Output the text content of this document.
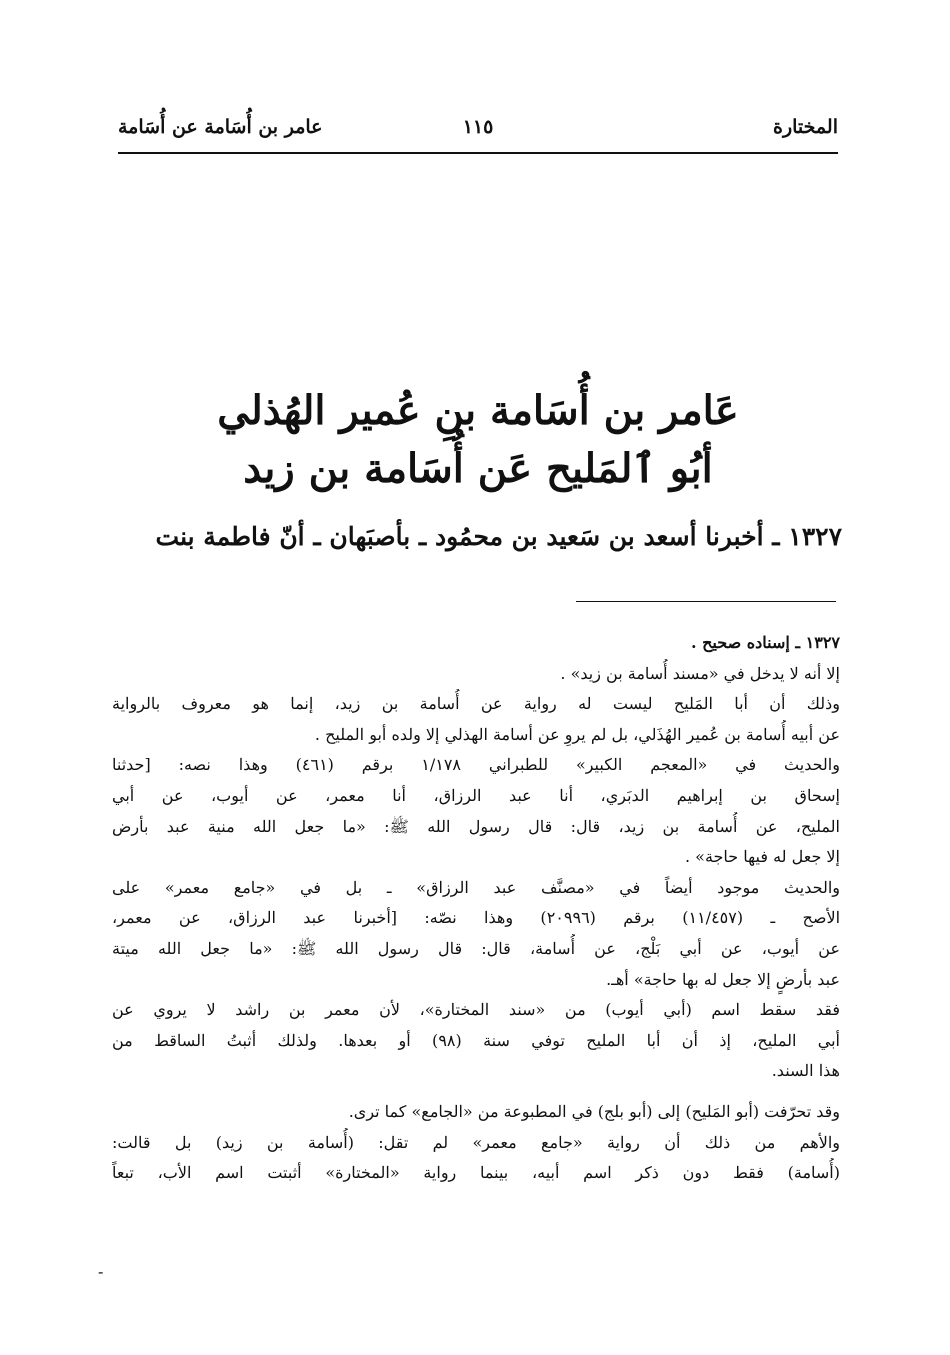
المختارة
١١٥
عامر بن أُسَامة عن أُسَامة
عَامر بن أُسَامة بنِ عُمير الهُذلي
أبُو ٱلمَليح عَن أُسَامة بن زيد
١٣٢٧ ـ أخبرنا أسعد بن سَعيد بن محمُود ـ بأصبَهان ـ أنّ فاطمة بنت
١٣٢٧ ـ إسناده صحيح .
إلا أنه لا يدخل في «مسند أُسامة بن زيد» .
وذلك أن أبا المَليح ليست له رواية عن أُسامة بن زيد، إنما هو معروف بالرواية
عن أبيه أُسامة بن عُمير الهُذَلي، بل لم يروِ عن أسامة الهذلي إلا ولده أبو المليح .
والحديث في «المعجم الكبير» للطبراني ١/١٧٨ برقم (٤٦١) وهذا نصه: [حدثنا
إسحاق بن إبراهيم الدبَري، أنا عبد الرزاق، أنا معمر، عن أيوب، عن أبي
المليح، عن أُسامة بن زيد، قال: قال رسول الله ﷺ: «ما جعل الله منية عبد بأرض
إلا جعل له فيها حاجة» .
والحديث موجود أيضاً في «مصنَّف عبد الرزاق» ـ بل في «جامع معمر» على
الأصح ـ (١١/٤٥٧) برقم (٢٠٩٩٦) وهذا نصّه: [أخبرنا عبد الرزاق، عن معمر،
عن أيوب، عن أبي بَلْج، عن أُسامة، قال: قال رسول الله ﷺ: «ما جعل الله ميتة
عبد بأرضٍ إلا جعل له بها حاجة» أهـ.
فقد سقط اسم (أبي أيوب) من «سند المختارة»، لأن معمر بن راشد لا يروي عن
أبي المليح، إذ أن أبا المليح توفي سنة (٩٨) أو بعدها. ولذلك أثبتُ الساقط من
هذا السند.
وقد تحرّفت (أبو المَليح) إلى (أبو بلج) في المطبوعة من «الجامع» كما ترى.
والأهم من ذلك أن رواية «جامع معمر» لم تقل: (أُسامة بن زيد) بل قالت:
(أُسامة) فقط دون ذكر اسم أبيه، بينما رواية «المختارة» أثبتت اسم الأب، تبعاً
-
